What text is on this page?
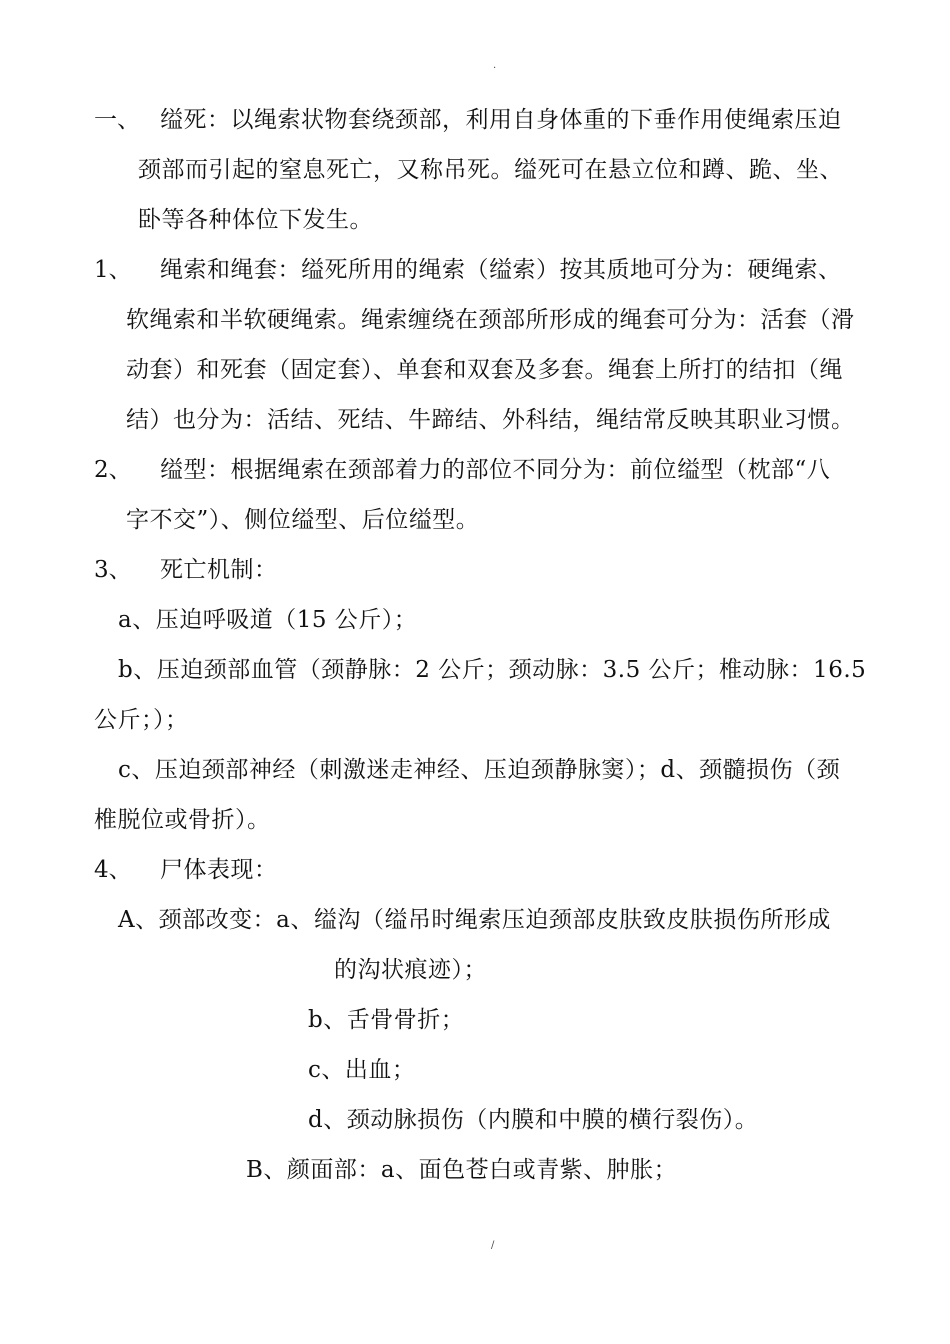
.
一、 缢死：以绳索状物套绕颈部，利用自身体重的下垂作用使绳索压迫
颈部而引起的窒息死亡，又称吊死。缢死可在悬立位和蹲、跪、坐、
卧等各种体位下发生。
1、 绳索和绳套：缢死所用的绳索（缢索）按其质地可分为：硬绳索、
软绳索和半软硬绳索。绳索缠绕在颈部所形成的绳套可分为：活套（滑
动套）和死套（固定套）、单套和双套及多套。绳套上所打的结扣（绳
结）也分为：活结、死结、牛蹄结、外科结，绳结常反映其职业习惯。
2、 缢型：根据绳索在颈部着力的部位不同分为：前位缢型（枕部“八
字不交”）、侧位缢型、后位缢型。
3、 死亡机制：
a、压迫呼吸道（15 公斤）；
b、压迫颈部血管（颈静脉：2 公斤；颈动脉：3.5 公斤；椎动脉：16.5
公斤；）；
c、压迫颈部神经（刺激迷走神经、压迫颈静脉窦）；d、颈髓损伤（颈
椎脱位或骨折）。
4、 尸体表现：
A、颈部改变：a、缢沟（缢吊时绳索压迫颈部皮肤致皮肤损伤所形成
的沟状痕迹）；
b、舌骨骨折；
c、出血；
d、颈动脉损伤（内膜和中膜的横行裂伤）。
B、颜面部：a、面色苍白或青紫、肿胀；
/
